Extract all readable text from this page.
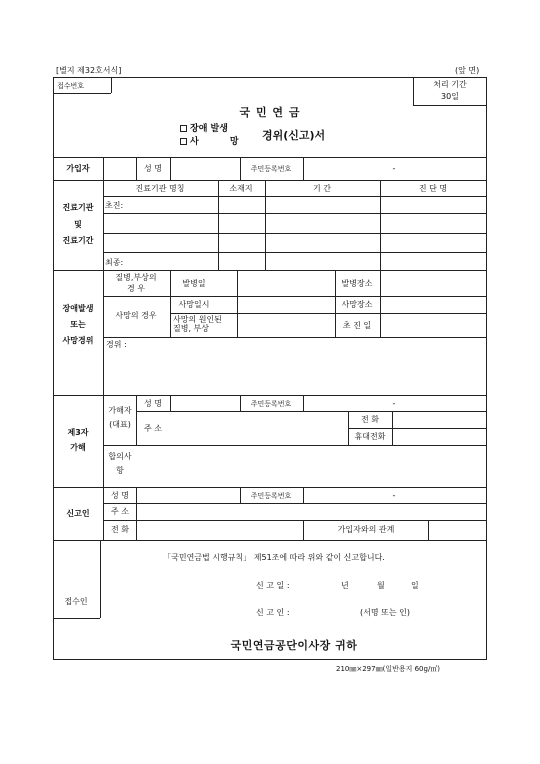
[별지 제32호서식]	(앞 면)
접수번호	처리 기간
30일
국 민 연 금
장애 발생
사 망 경위(신고)서
가입자	성 명	주민등록번호	-
진료기관
및
진료기간
진료기관 명칭	소재지	기 간	진 단 명
초진:
최종:
장애발생
또는
사망경위
질병,부상의
경 우
발병일	발병장소
사망의 경우
사망일시	사망장소
사망의 원인된
질병, 부상	초 진 일
경위 :
제3자
가해
가해자
(대표)
성 명	주민등록번호	-
주 소
전 화
휴대전화
합의사
항
신고인
성 명	주민등록번호	-
주 소
전 화	가입자와의 관계
「국민연금법 시행규칙」 제51조에 따라 위와 같이 신고합니다.
접수인
신 고 일 :	년	월	일
신 고 인 :	(서명 또는 인)
국민연금공단이사장 귀하
210㎜×297㎜(일반용지 60g/㎡)
